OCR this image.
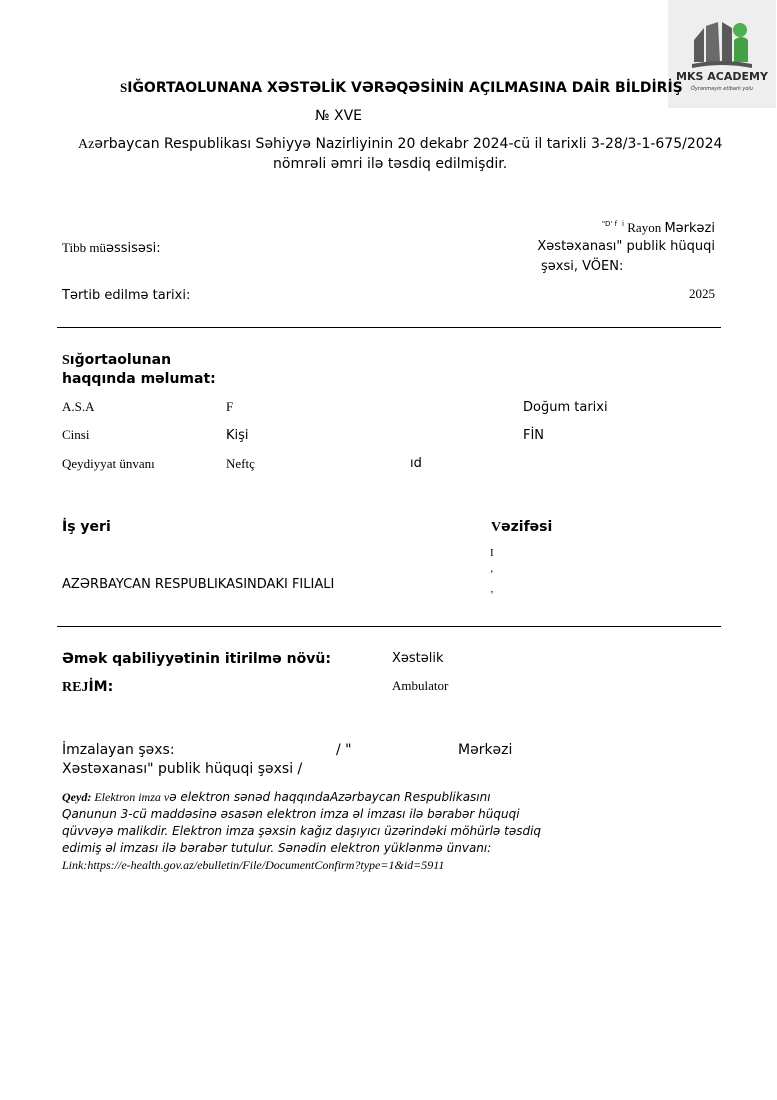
MKS ACADEMY
Öyrənməyin etibarlı yolu
SIĞORTAOLUNANA XƏSTƏLİK VƏRƏQƏSİNİN AÇILMASINA DAİR BİLDİRİŞ
№ XVE
Azərbaycan Respublikası Səhiyyə Nazirliyinin 20 dekabr 2024-cü il tarixli 3-28/3-1-675/2024
nömrəli əmri ilə təsdiq edilmişdir.
Tibb müəssisəsi:
$^{"D' f i}$ Rayon Mərkəzi
Xəstəxanası" publik hüquqi
şəxsi, VÖEN:
Tərtib edilmə tarixi:	2025
Sığortaolunan
haqqında məlumat:
A.S.A	F	Doğum tarixi
Cinsi	Kişi	FİN
Qeydiyyat ünvanı	Neftç	ıd
İş yeri	Vəzifəsi
I
‘
’
AZƏRBAYCAN RESPUBLIKASINDAKI FILIALI
Əmək qabiliyyətinin itirilmə növü:	Xəstəlik
REJİM:	Ambulator
İmzalayan şəxs:	/ "	Mərkəzi
Xəstəxanası" publik hüquqi şəxsi /
Qeyd: Elektron imza və elektron sənəd haqqındaAzərbaycan Respublikasını
Qanunun 3-cü maddəsinə əsasən elektron imza əl imzası ilə bərabər hüquqi
qüvvəyə malikdir. Elektron imza şəxsin kağız daşıyıcı üzərindəki möhürlə təsdiq
edimiş əl imzası ilə bərabər tutulur. Sənədin elektron yüklənmə ünvanı:
Link:https://e-health.gov.az/ebulletin/File/DocumentConfirm?type=1&id=5911
